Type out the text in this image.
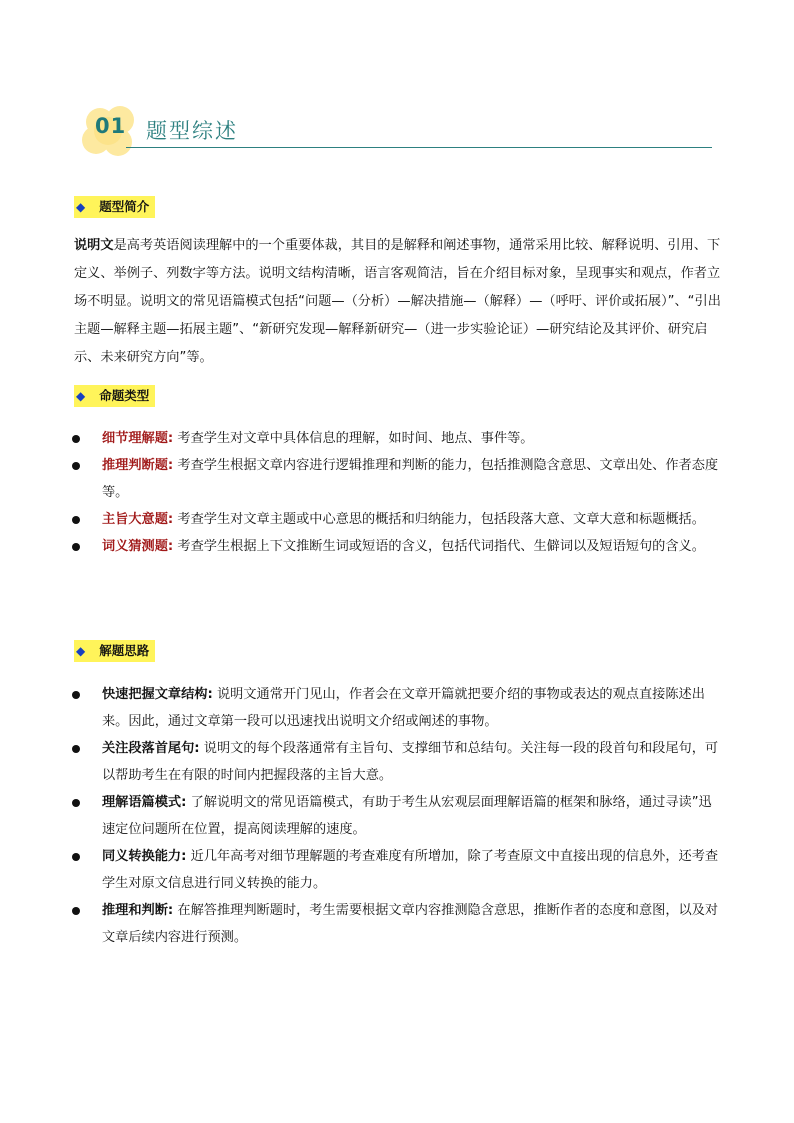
01 题型综述
◆ 题型简介

说明文是高考英语阅读理解中的一个重要体裁，其目的是解释和阐述事物，通常采用比较、解释说明、引用、下定义、举例子、列数字等方法。说明文结构清晰，语言客观简洁，旨在介绍目标对象，呈现事实和观点，作者立场不明显。说明文的常见语篇模式包括“问题—（分析）—解决措施—（解释）—（呼吁、评价或拓展）”、“引出主题—解释主题—拓展主题”、“新研究发现—解释新研究—（进一步实验论证）—研究结论及其评价、研究启示、未来研究方向”等。

◆ 命题类型
细节理解题: 考查学生对文章中具体信息的理解，如时间、地点、事件等。
推理判断题: 考查学生根据文章内容进行逻辑推理和判断的能力，包括推测隐含意思、文章出处、作者态度等。
主旨大意题: 考查学生对文章主题或中心意思的概括和归纳能力，包括段落大意、文章大意和标题概括。
词义猜测题: 考查学生根据上下文推断生词或短语的含义，包括代词指代、生僻词以及短语短句的含义。
◆ 解题思路
快速把握文章结构: 说明文通常开门见山，作者会在文章开篇就把要介绍的事物或表达的观点直接陈述出来。因此，通过文章第一段可以迅速找出说明文介绍或阐述的事物。
关注段落首尾句: 说明文的每个段落通常有主旨句、支撑细节和总结句。关注每一段的段首句和段尾句，可以帮助考生在有限的时间内把握段落的主旨大意。
理解语篇模式: 了解说明文的常见语篇模式，有助于考生从宏观层面理解语篇的框架和脉络，通过寻读”迅速定位问题所在位置，提高阅读理解的速度。
同义转换能力: 近几年高考对细节理解题的考查难度有所增加，除了考查原文中直接出现的信息外，还考查学生对原文信息进行同义转换的能力。
推理和判断: 在解答推理判断题时，考生需要根据文章内容推测隐含意思，推断作者的态度和意图，以及对文章后续内容进行预测。
